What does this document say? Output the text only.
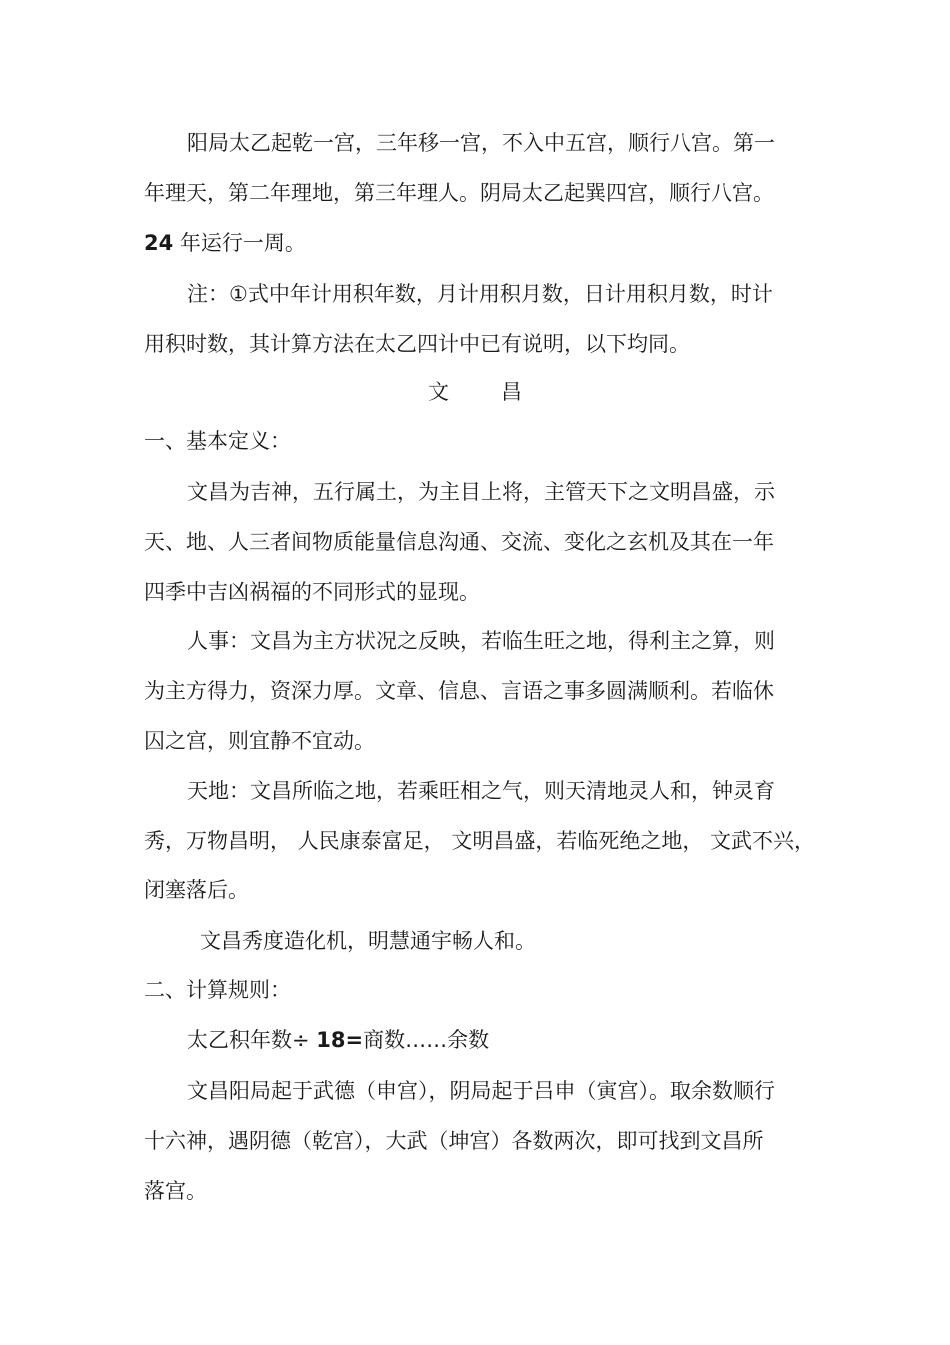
阳局太乙起乾一宫，三年移一宫，不入中五宫，顺行八宫。第一
年理天，第二年理地，第三年理人。阴局太乙起巽四宫，顺行八宫。
24 年运行一周。
注：①式中年计用积年数，月计用积月数，日计用积月数，时计
用积时数，其计算方法在太乙四计中已有说明，以下均同。
文 昌
一、基本定义：
文昌为吉神，五行属土，为主目上将，主管天下之文明昌盛，示
天、地、人三者间物质能量信息沟通、交流、变化之玄机及其在一年
四季中吉凶祸福的不同形式的显现。
人事：文昌为主方状况之反映，若临生旺之地，得利主之算，则
为主方得力，资深力厚。文章、信息、言语之事多圆满顺利。若临休
囚之宫，则宜静不宜动。
天地：文昌所临之地，若乘旺相之气，则天清地灵人和，钟灵育
秀，万物昌明， 人民康泰富足， 文明昌盛，若临死绝之地， 文武不兴，
闭塞落后。
文昌秀度造化机，明慧通宇畅人和。
二、计算规则：
太乙积年数÷ 18=商数……余数
文昌阳局起于武德（申宫），阴局起于吕申（寅宫）。取余数顺行
十六神，遇阴德（乾宫），大武（坤宫）各数两次，即可找到文昌所
落宫。
